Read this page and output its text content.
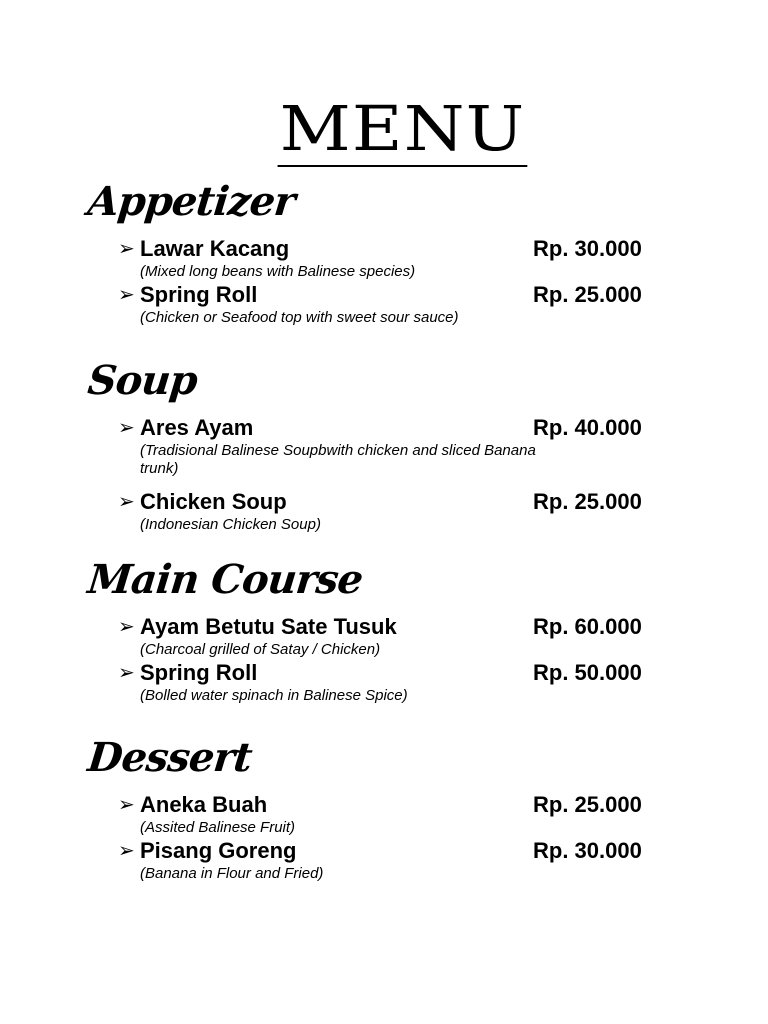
MENU
Appetizer
➢ Lawar Kacang	Rp. 30.000
(Mixed long beans with Balinese species)
➢ Spring Roll	Rp. 25.000
(Chicken or Seafood top with sweet sour sauce)
Soup
➢ Ares Ayam	Rp. 40.000
(Tradisional Balinese Soupbwith chicken and sliced Banana trunk)
➢ Chicken Soup	Rp. 25.000
(Indonesian Chicken Soup)
Main Course
➢ Ayam Betutu Sate Tusuk	Rp. 60.000
(Charcoal grilled of Satay / Chicken)
➢ Spring Roll	Rp. 50.000
(Bolled water spinach in Balinese Spice)
Dessert
➢ Aneka Buah	Rp. 25.000
(Assited Balinese Fruit)
➢ Pisang Goreng	Rp. 30.000
(Banana in Flour and Fried)
